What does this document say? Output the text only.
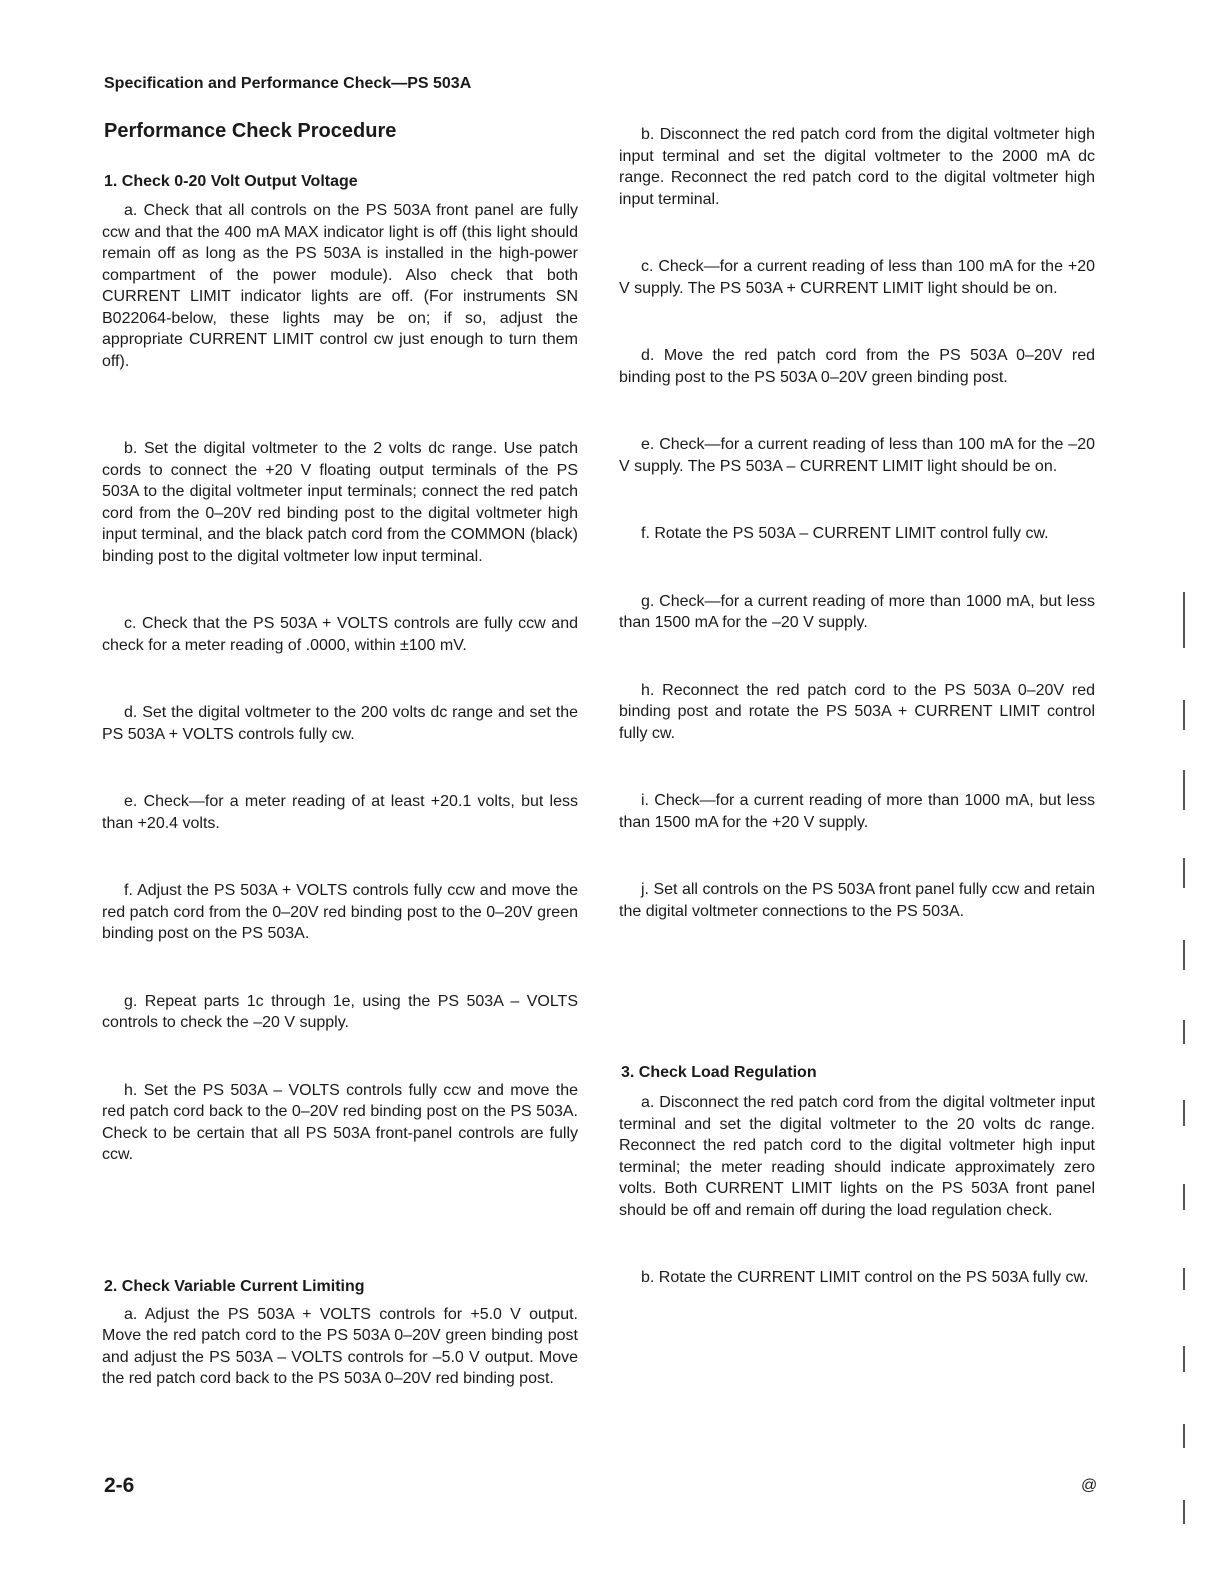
Specification and Performance Check—PS 503A
Performance Check Procedure
1. Check 0-20 Volt Output Voltage

a. Check that all controls on the PS 503A front panel are fully ccw and that the 400 mA MAX indicator light is off (this light should remain off as long as the PS 503A is installed in the high-power compartment of the power module). Also check that both CURRENT LIMIT indicator lights are off. (For instruments SN B022064-below, these lights may be on; if so, adjust the appropriate CURRENT LIMIT control cw just enough to turn them off).

b. Set the digital voltmeter to the 2 volts dc range. Use patch cords to connect the +20 V floating output terminals of the PS 503A to the digital voltmeter input terminals; connect the red patch cord from the 0–20V red binding post to the digital voltmeter high input terminal, and the black patch cord from the COMMON (black) binding post to the digital voltmeter low input terminal.

c. Check that the PS 503A + VOLTS controls are fully ccw and check for a meter reading of .0000, within ±100 mV.

d. Set the digital voltmeter to the 200 volts dc range and set the PS 503A + VOLTS controls fully cw.

e. Check—for a meter reading of at least +20.1 volts, but less than +20.4 volts.

f. Adjust the PS 503A + VOLTS controls fully ccw and move the red patch cord from the 0–20V red binding post to the 0–20V green binding post on the PS 503A.

g. Repeat parts 1c through 1e, using the PS 503A – VOLTS controls to check the –20 V supply.

h. Set the PS 503A – VOLTS controls fully ccw and move the red patch cord back to the 0–20V red binding post on the PS 503A. Check to be certain that all PS 503A front-panel controls are fully ccw.

2. Check Variable Current Limiting

a. Adjust the PS 503A + VOLTS controls for +5.0 V output. Move the red patch cord to the PS 503A 0–20V green binding post and adjust the PS 503A – VOLTS controls for –5.0 V output. Move the red patch cord back to the PS 503A 0–20V red binding post.

b. Disconnect the red patch cord from the digital voltmeter high input terminal and set the digital voltmeter to the 2000 mA dc range. Reconnect the red patch cord to the digital voltmeter high input terminal.

c. Check—for a current reading of less than 100 mA for the +20 V supply. The PS 503A + CURRENT LIMIT light should be on.

d. Move the red patch cord from the PS 503A 0–20V red binding post to the PS 503A 0–20V green binding post.

e. Check—for a current reading of less than 100 mA for the –20 V supply. The PS 503A – CURRENT LIMIT light should be on.

f. Rotate the PS 503A – CURRENT LIMIT control fully cw.

g. Check—for a current reading of more than 1000 mA, but less than 1500 mA for the –20 V supply.

h. Reconnect the red patch cord to the PS 503A 0–20V red binding post and rotate the PS 503A + CURRENT LIMIT control fully cw.

i. Check—for a current reading of more than 1000 mA, but less than 1500 mA for the +20 V supply.

j. Set all controls on the PS 503A front panel fully ccw and retain the digital voltmeter connections to the PS 503A.

3. Check Load Regulation

a. Disconnect the red patch cord from the digital voltmeter input terminal and set the digital voltmeter to the 20 volts dc range. Reconnect the red patch cord to the digital voltmeter high input terminal; the meter reading should indicate approximately zero volts. Both CURRENT LIMIT lights on the PS 503A front panel should be off and remain off during the load regulation check.

b. Rotate the CURRENT LIMIT control on the PS 503A fully cw.

2-6	@
